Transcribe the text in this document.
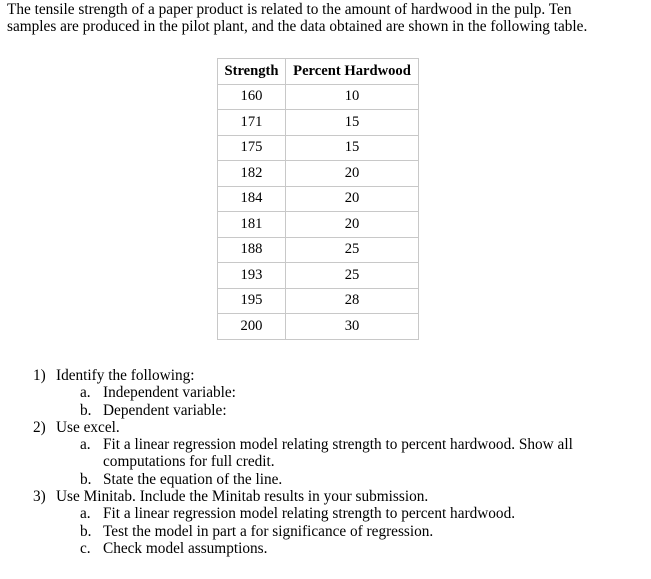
The tensile strength of a paper product is related to the amount of hardwood in the pulp. Ten
samples are produced in the pilot plant, and the data obtained are shown in the following table.

Strength	Percent Hardwood
160	10
171	15
175	15
182	20
184	20
181	20
188	25
193	25
195	28
200	30
1) Identify the following:
a. Independent variable:
b. Dependent variable:
2) Use excel.
a. Fit a linear regression model relating strength to percent hardwood. Show all
computations for full credit.
b. State the equation of the line.
3) Use Minitab. Include the Minitab results in your submission.
a. Fit a linear regression model relating strength to percent hardwood.
b. Test the model in part a for significance of regression.
c. Check model assumptions.
